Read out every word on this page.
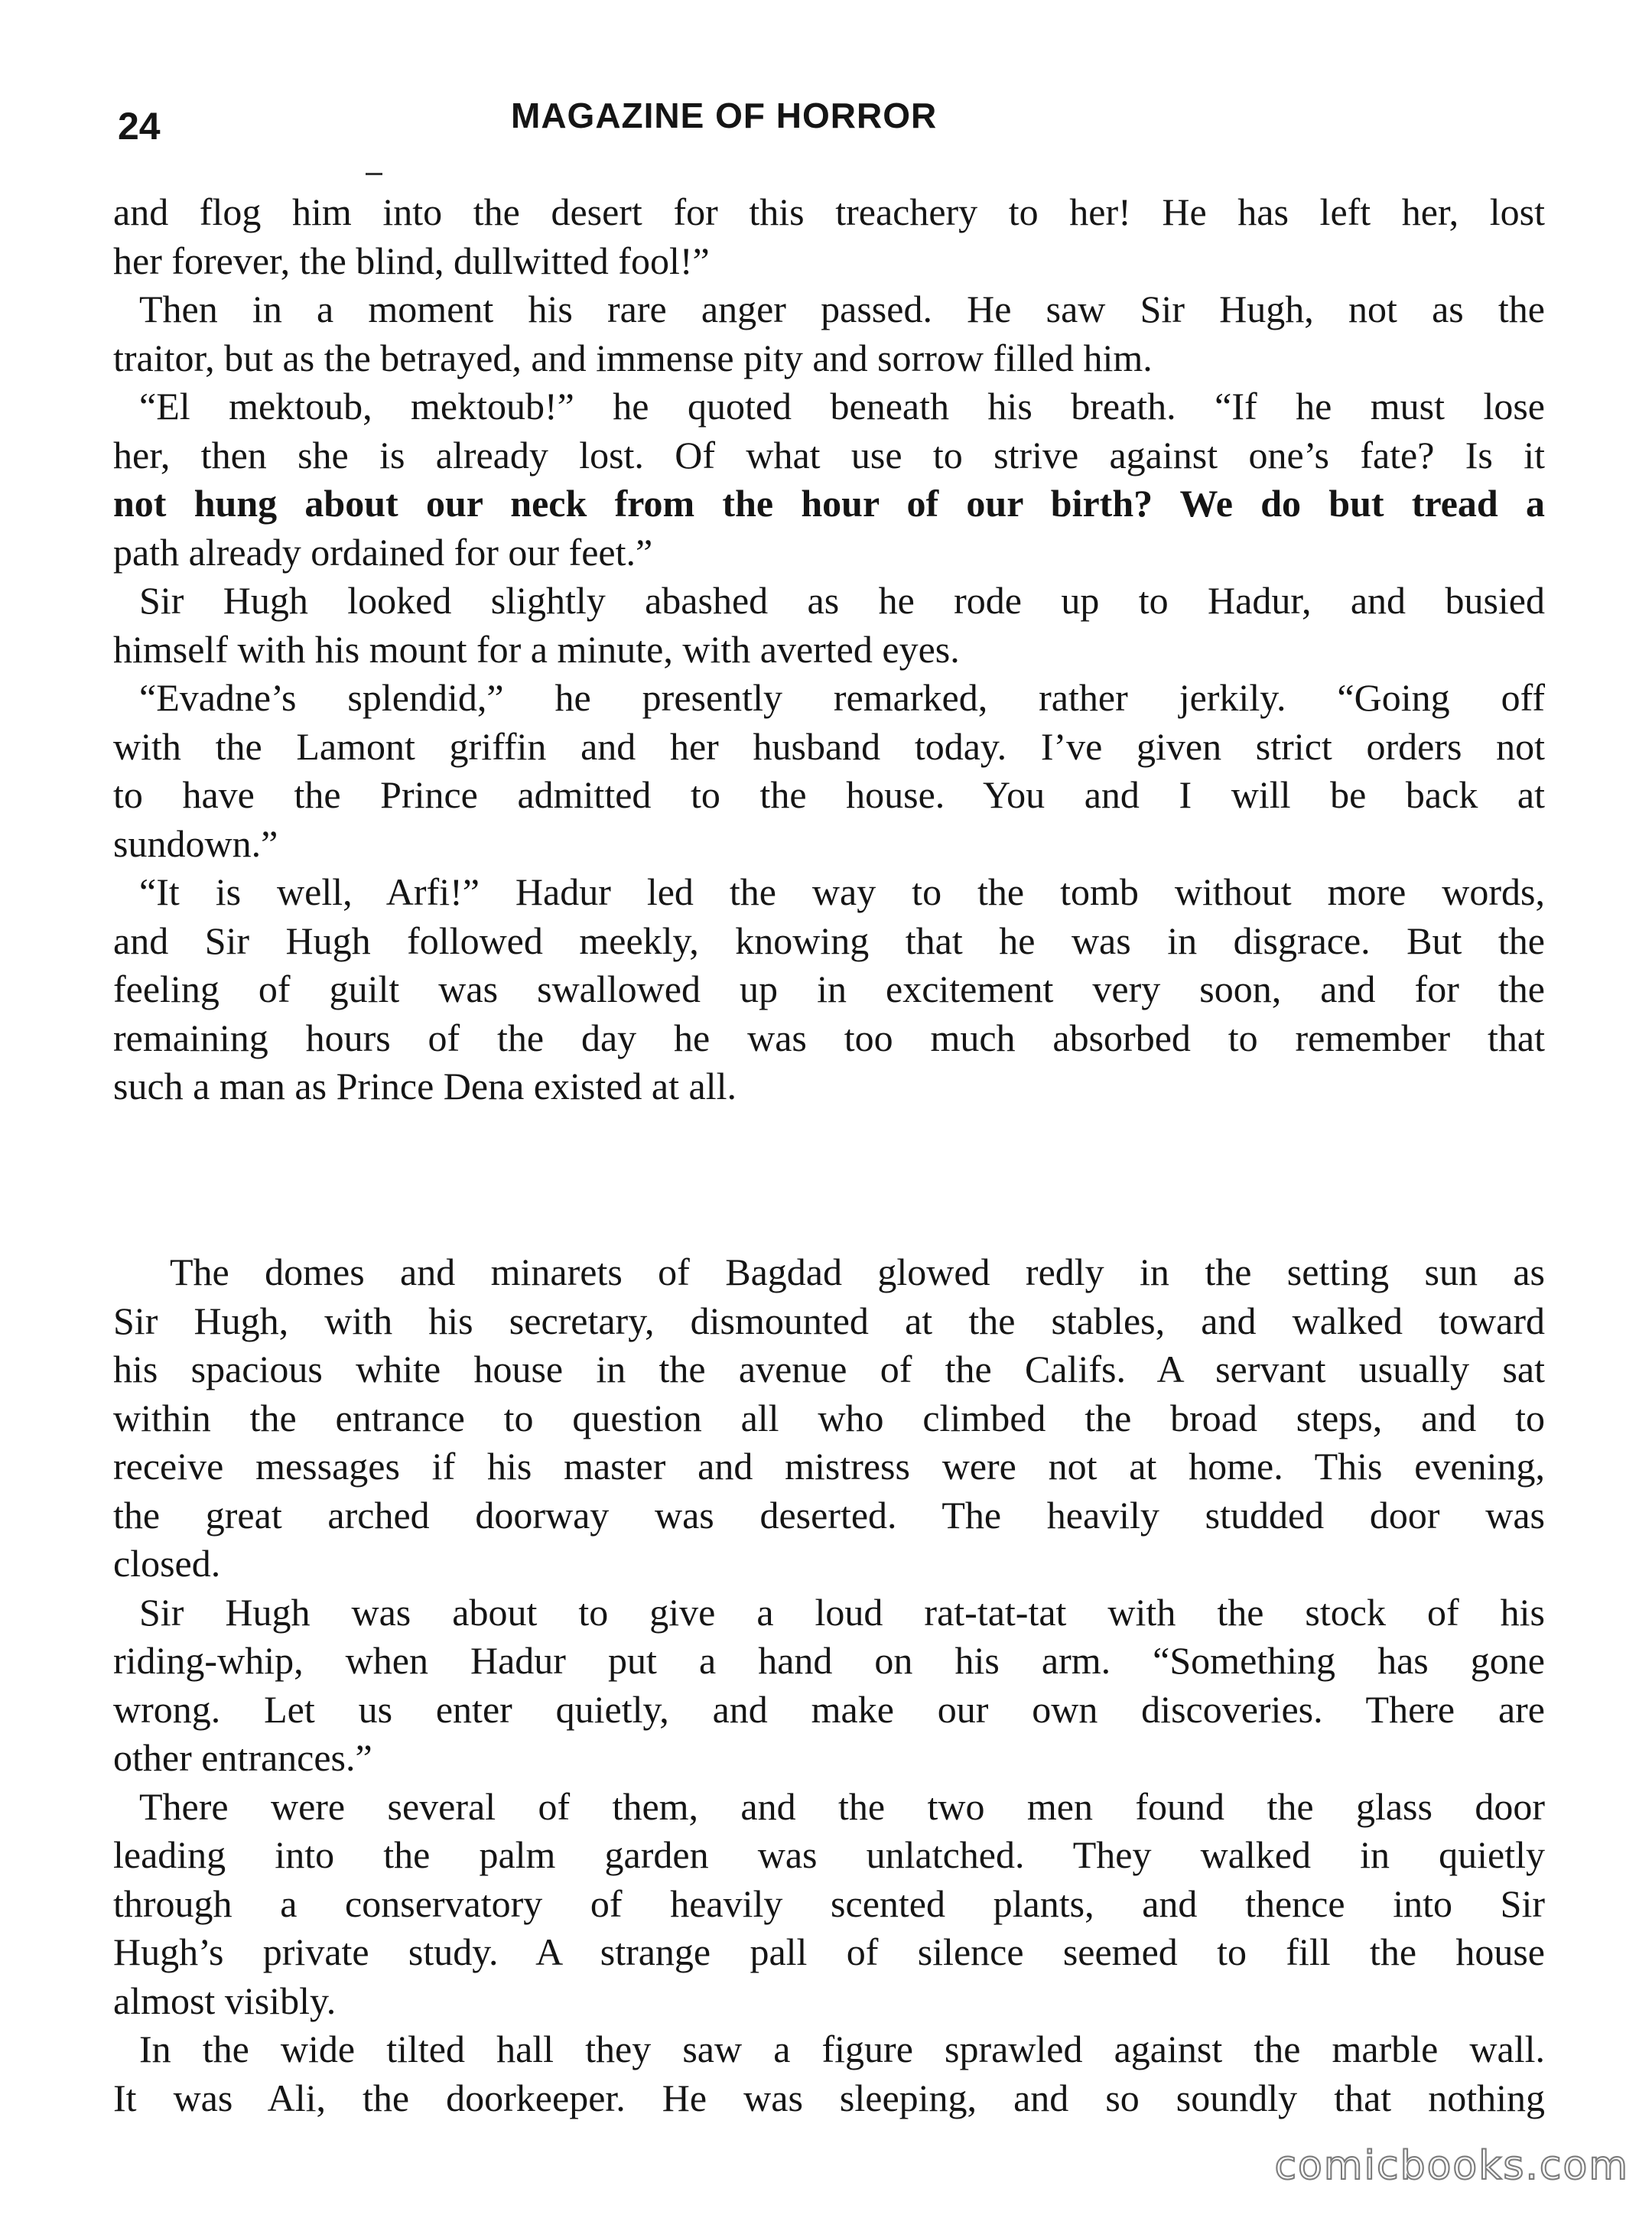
24	MAGAZINE OF HORROR
and flog him into the desert for this treachery to her! He has left her, lost
her forever, the blind, dullwitted fool!”
Then in a moment his rare anger passed. He saw Sir Hugh, not as the
traitor, but as the betrayed, and immense pity and sorrow filled him.
“El mektoub, mektoub!” he quoted beneath his breath. “If he must lose
her, then she is already lost. Of what use to strive against one’s fate? Is it
not hung about our neck from the hour of our birth? We do but tread a
path already ordained for our feet.”
Sir Hugh looked slightly abashed as he rode up to Hadur, and busied
himself with his mount for a minute, with averted eyes.
“Evadne’s splendid,” he presently remarked, rather jerkily. “Going off
with the Lamont griffin and her husband today. I’ve given strict orders not
to have the Prince admitted to the house. You and I will be back at
sundown.”
“It is well, Arfi!” Hadur led the way to the tomb without more words,
and Sir Hugh followed meekly, knowing that he was in disgrace. But the
feeling of guilt was swallowed up in excitement very soon, and for the
remaining hours of the day he was too much absorbed to remember that
such a man as Prince Dena existed at all.
The domes and minarets of Bagdad glowed redly in the setting sun as
Sir Hugh, with his secretary, dismounted at the stables, and walked toward
his spacious white house in the avenue of the Califs. A servant usually sat
within the entrance to question all who climbed the broad steps, and to
receive messages if his master and mistress were not at home. This evening,
the great arched doorway was deserted. The heavily studded door was
closed.
Sir Hugh was about to give a loud rat-tat-tat with the stock of his
riding-whip, when Hadur put a hand on his arm. “Something has gone
wrong. Let us enter quietly, and make our own discoveries. There are
other entrances.”
There were several of them, and the two men found the glass door
leading into the palm garden was unlatched. They walked in quietly
through a conservatory of heavily scented plants, and thence into Sir
Hugh’s private study. A strange pall of silence seemed to fill the house
almost visibly.
In the wide tilted hall they saw a figure sprawled against the marble wall.
It was Ali, the doorkeeper. He was sleeping, and so soundly that nothing
comicbooks.com
